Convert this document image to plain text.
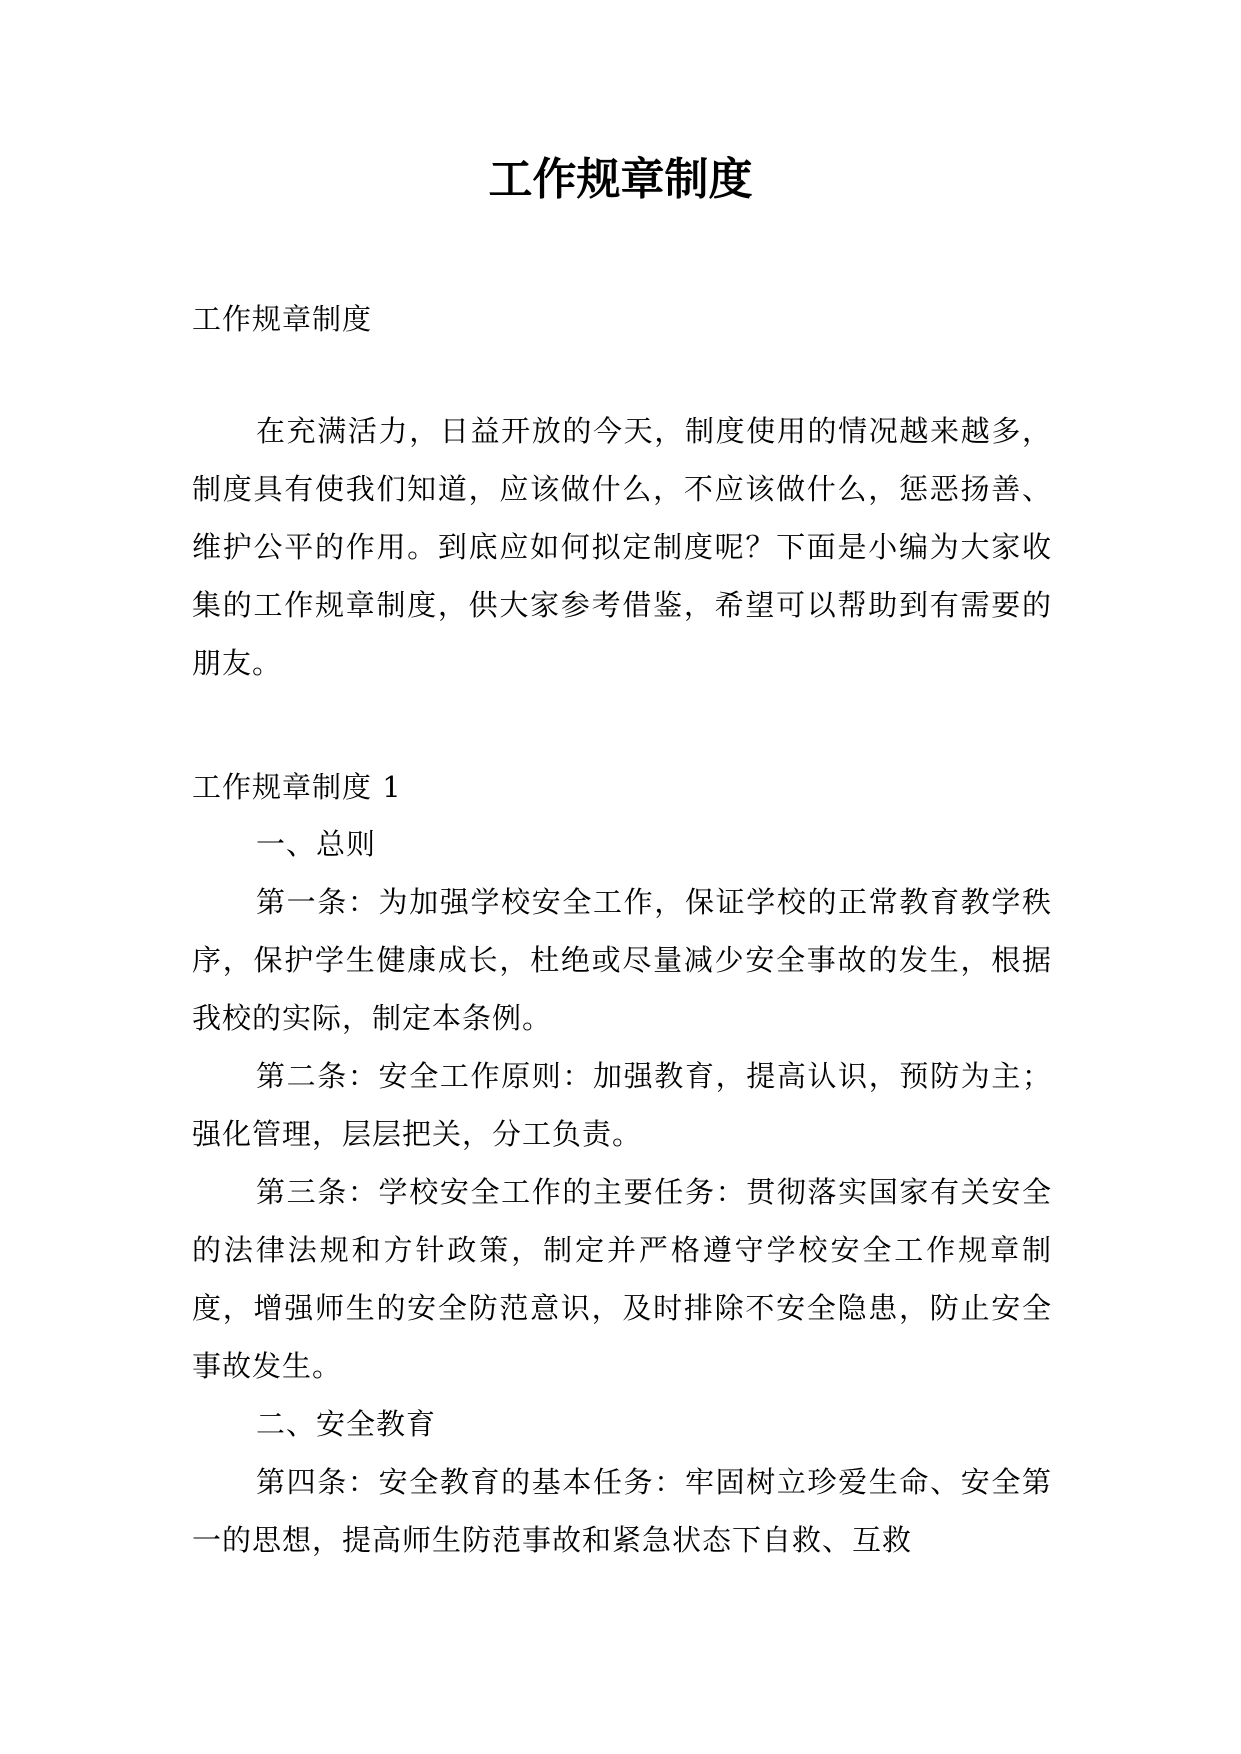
工作规章制度

工作规章制度

在充满活力，日益开放的今天，制度使用的情况越来越多，制度具有使我们知道，应该做什么，不应该做什么，惩恶扬善、维护公平的作用。到底应如何拟定制度呢？下面是小编为大家收集的工作规章制度，供大家参考借鉴，希望可以帮助到有需要的朋友。

工作规章制度 1

一、总则

第一条：为加强学校安全工作，保证学校的正常教育教学秩序，保护学生健康成长，杜绝或尽量减少安全事故的发生，根据我校的实际，制定本条例。

第二条：安全工作原则：加强教育，提高认识，预防为主；强化管理，层层把关，分工负责。

第三条：学校安全工作的主要任务：贯彻落实国家有关安全的法律法规和方针政策，制定并严格遵守学校安全工作规章制度，增强师生的安全防范意识，及时排除不安全隐患，防止安全事故发生。

二、安全教育

第四条：安全教育的基本任务：牢固树立珍爱生命、安全第一的思想，提高师生防范事故和紧急状态下自救、互救
